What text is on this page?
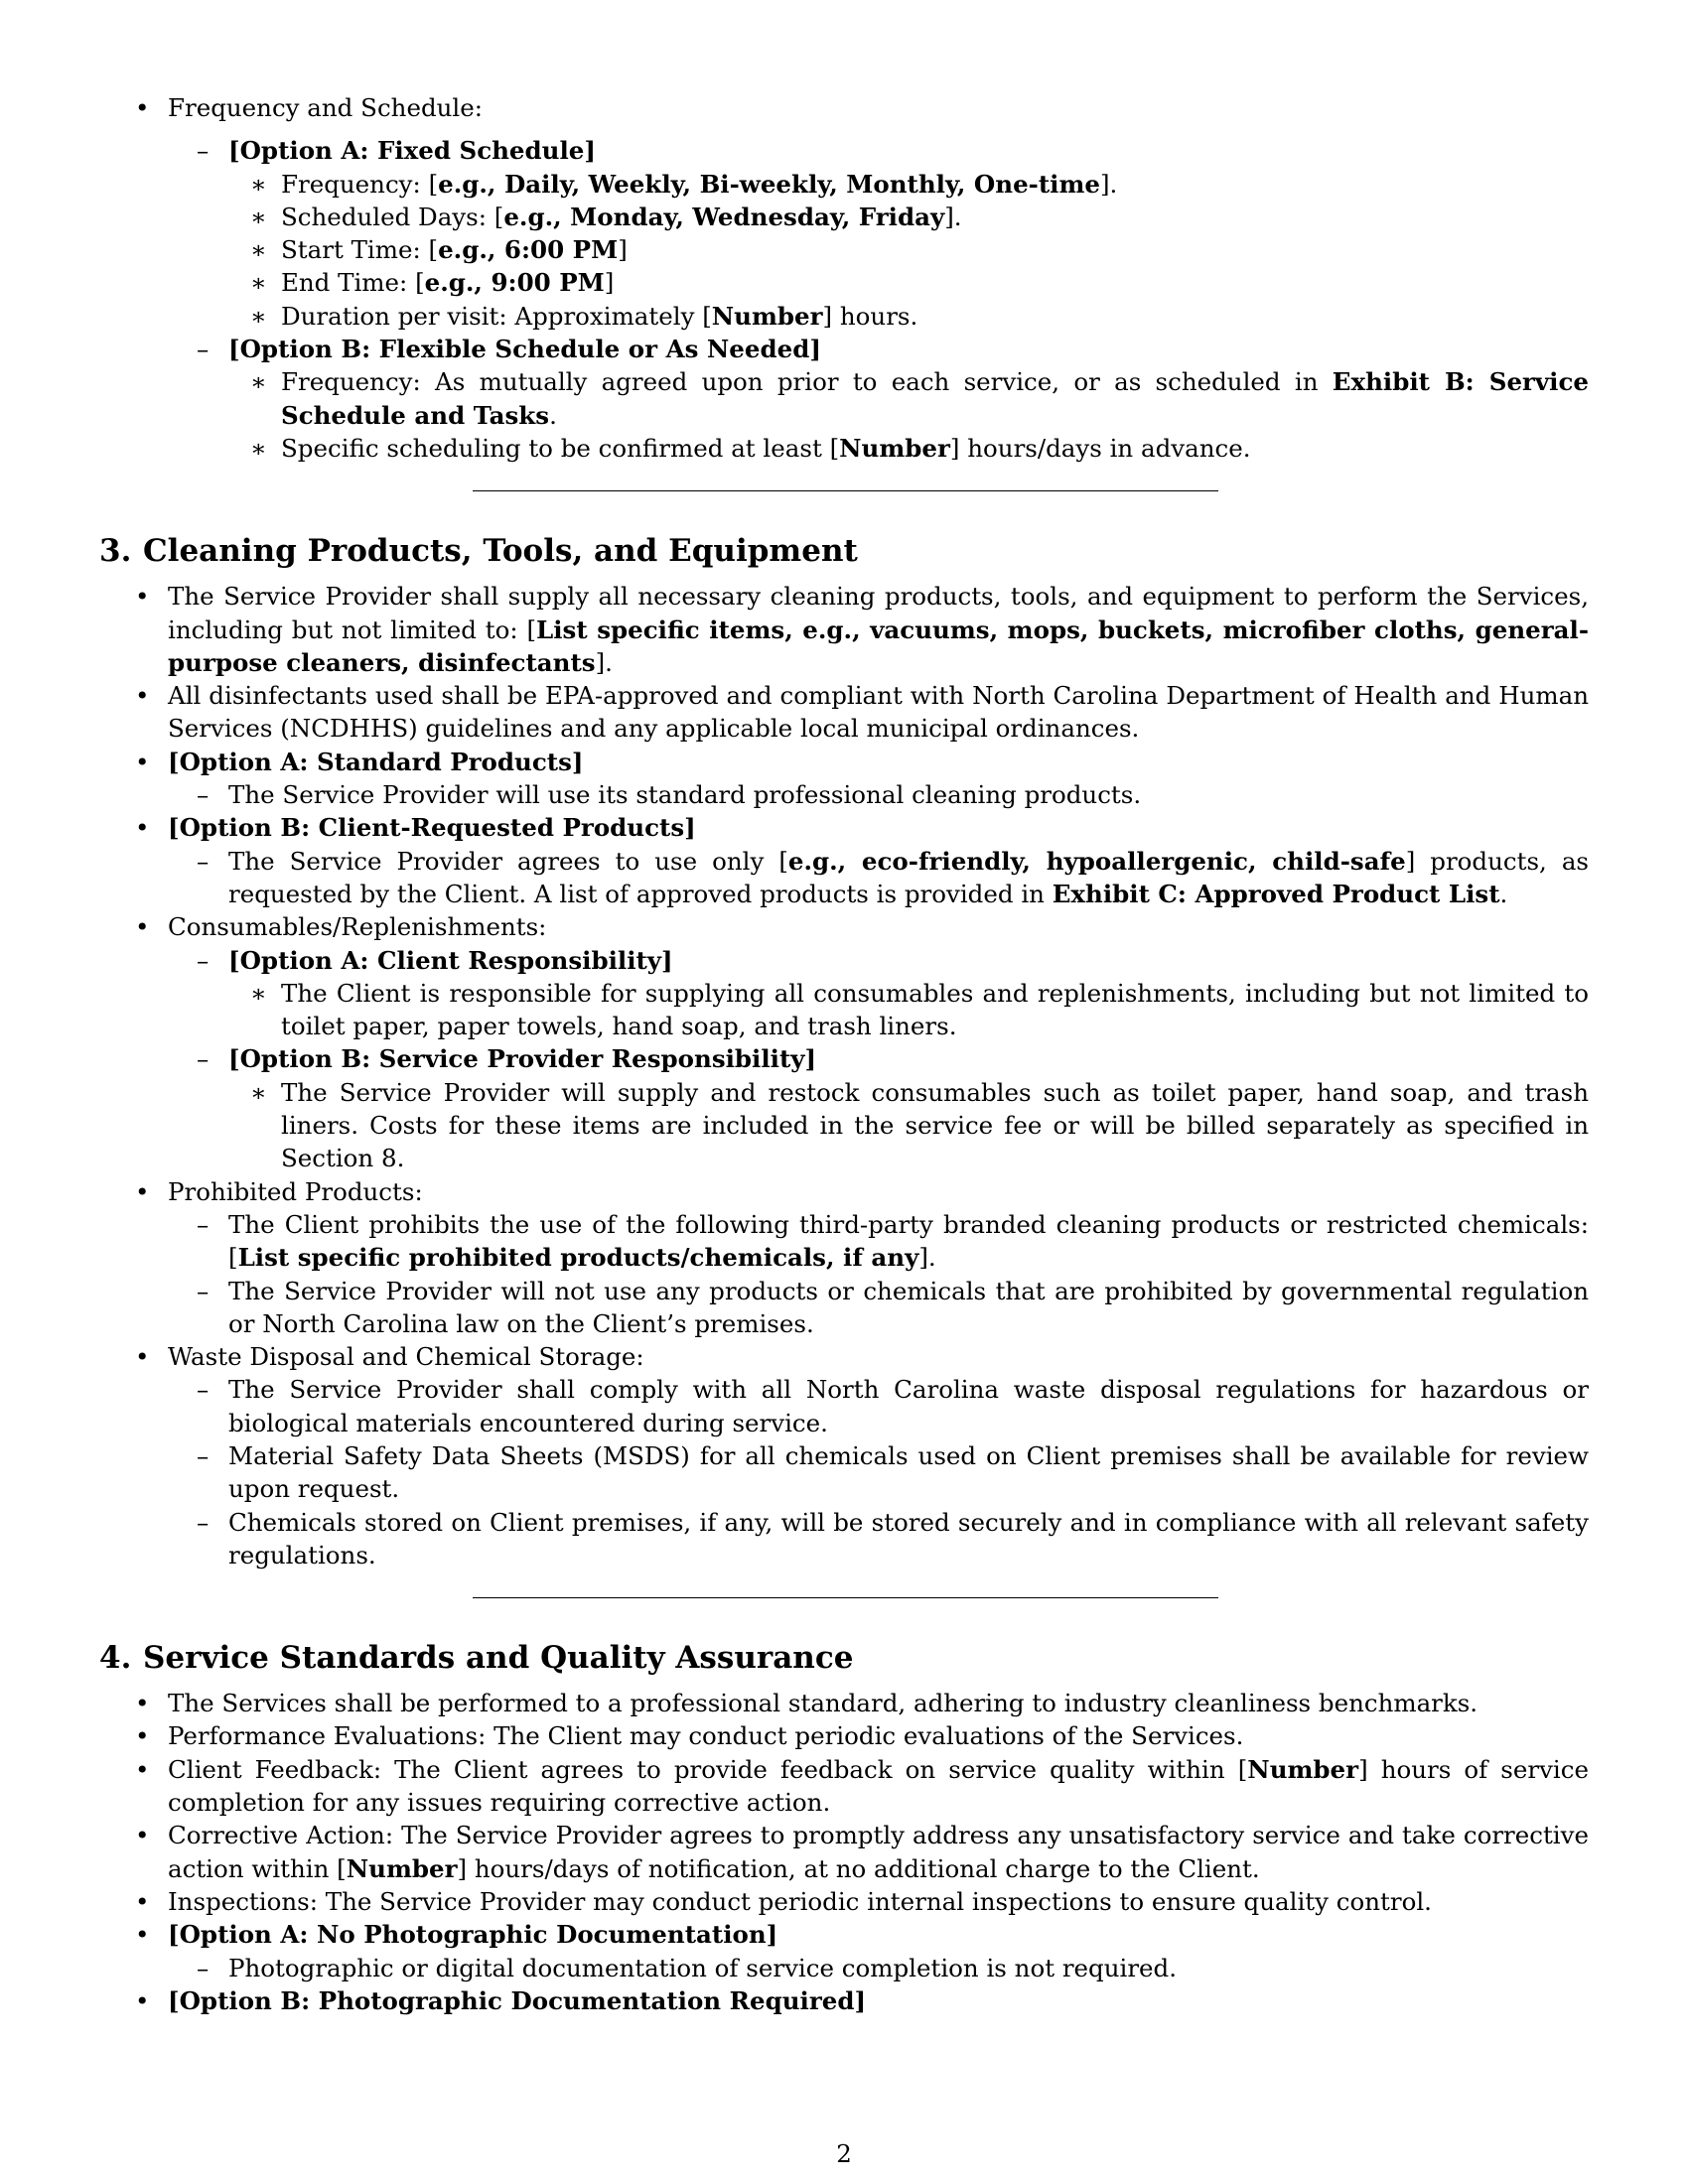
• Frequency and Schedule:

– [Option A: Fixed Schedule]

∗ Frequency: [e.g., Daily, Weekly, Bi-weekly, Monthly, One-time].

∗ Scheduled Days: [e.g., Monday, Wednesday, Friday].

∗ Start Time: [e.g., 6:00 PM]

∗ End Time: [e.g., 9:00 PM]

∗ Duration per visit: Approximately [Number] hours.

– [Option B: Flexible Schedule or As Needed]

∗ Frequency: As mutually agreed upon prior to each service, or as scheduled in Exhibit B: Service Schedule and Tasks.

∗ Specific scheduling to be confirmed at least [Number] hours/days in advance.

3. Cleaning Products, Tools, and Equipment

• The Service Provider shall supply all necessary cleaning products, tools, and equipment to perform the Services, including but not limited to: [List specific items, e.g., vacuums, mops, buckets, microfiber cloths, general-purpose cleaners, disinfectants].

• All disinfectants used shall be EPA-approved and compliant with North Carolina Department of Health and Human Services (NCDHHS) guidelines and any applicable local municipal ordinances.

• [Option A: Standard Products]

– The Service Provider will use its standard professional cleaning products.

• [Option B: Client-Requested Products]

– The Service Provider agrees to use only [e.g., eco-friendly, hypoallergenic, child-safe] products, as requested by the Client. A list of approved products is provided in Exhibit C: Approved Product List.

• Consumables/Replenishments:

– [Option A: Client Responsibility]

∗ The Client is responsible for supplying all consumables and replenishments, including but not limited to toilet paper, paper towels, hand soap, and trash liners.

– [Option B: Service Provider Responsibility]

∗ The Service Provider will supply and restock consumables such as toilet paper, hand soap, and trash liners. Costs for these items are included in the service fee or will be billed separately as specified in Section 8.

• Prohibited Products:

– The Client prohibits the use of the following third-party branded cleaning products or restricted chemicals: [List specific prohibited products/chemicals, if any].

– The Service Provider will not use any products or chemicals that are prohibited by governmental regulation or North Carolina law on the Client’s premises.

• Waste Disposal and Chemical Storage:

– The Service Provider shall comply with all North Carolina waste disposal regulations for hazardous or biological materials encountered during service.

– Material Safety Data Sheets (MSDS) for all chemicals used on Client premises shall be available for review upon request.

– Chemicals stored on Client premises, if any, will be stored securely and in compliance with all relevant safety regulations.

4. Service Standards and Quality Assurance

• The Services shall be performed to a professional standard, adhering to industry cleanliness benchmarks.

• Performance Evaluations: The Client may conduct periodic evaluations of the Services.

• Client Feedback: The Client agrees to provide feedback on service quality within [Number] hours of service completion for any issues requiring corrective action.

• Corrective Action: The Service Provider agrees to promptly address any unsatisfactory service and take corrective action within [Number] hours/days of notification, at no additional charge to the Client.

• Inspections: The Service Provider may conduct periodic internal inspections to ensure quality control.

• [Option A: No Photographic Documentation]

– Photographic or digital documentation of service completion is not required.

• [Option B: Photographic Documentation Required]

2
